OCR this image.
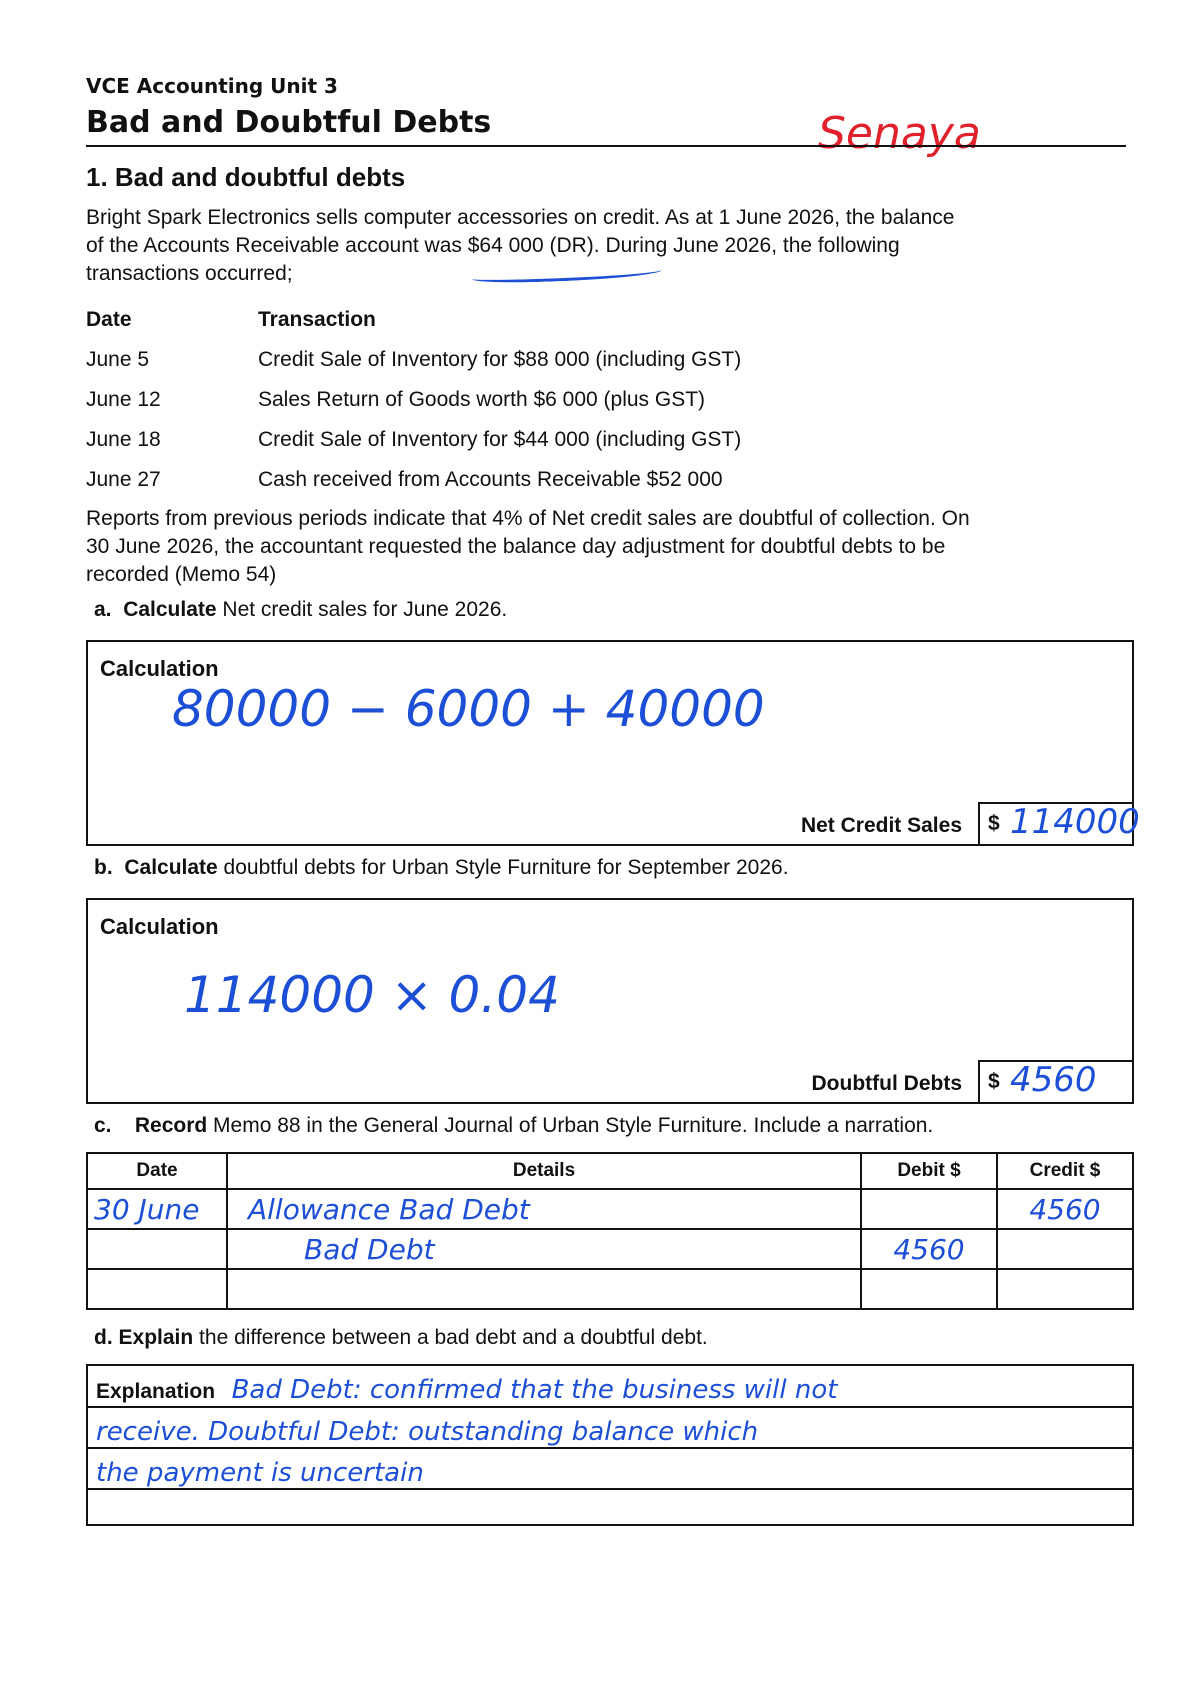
VCE Accounting Unit 3
Bad and Doubtful Debts	Senaya
1. Bad and doubtful debts

Bright Spark Electronics sells computer accessories on credit. As at 1 June 2026, the balance

of the Accounts Receivable account was $64 000 (DR). During June 2026, the following

transactions occurred;

Date	Transaction
June 5	Credit Sale of Inventory for $88 000 (including GST)
June 12	Sales Return of Goods worth $6 000 (plus GST)
June 18	Credit Sale of Inventory for $44 000 (including GST)
June 27	Cash received from Accounts Receivable $52 000

Reports from previous periods indicate that 4% of Net credit sales are doubtful of collection. On

30 June 2026, the accountant requested the balance day adjustment for doubtful debts to be

recorded (Memo 54)

a. Calculate Net credit sales for June 2026.
Calculation
80000 − 6000 + 40000
Net Credit Sales $ 114000
b. Calculate doubtful debts for Urban Style Furniture for September 2026.
Calculation
114000 × 0.04
Doubtful Debts $ 4560
c. Record Memo 88 in the General Journal of Urban Style Furniture. Include a narration.
Date	Details	Debit $	Credit $
30 June	Allowance Bad Debt		4560
	Bad Debt	4560	

d. Explain the difference between a bad debt and a doubtful debt.
Explanation Bad Debt: confirmed that the business will not
receive. Doubtful Debt: outstanding balance which
the payment is uncertain
